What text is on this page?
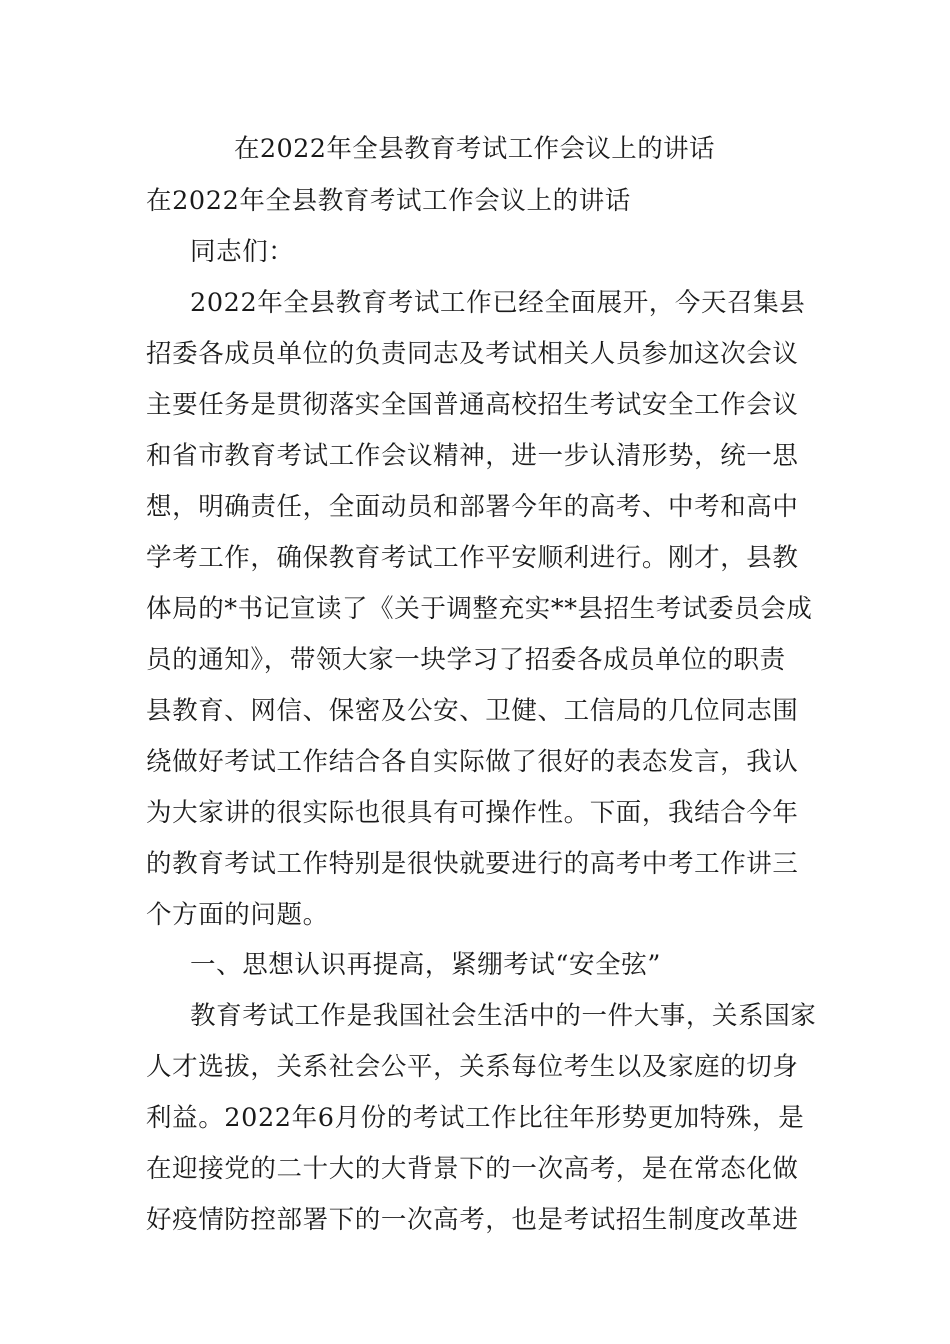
在2022年全县教育考试工作会议上的讲话
在2022年全县教育考试工作会议上的讲话
同志们：
2022年全县教育考试工作已经全面展开，今天召集县
招委各成员单位的负责同志及考试相关人员参加这次会议
主要任务是贯彻落实全国普通高校招生考试安全工作会议
和省市教育考试工作会议精神，进一步认清形势，统一思
想，明确责任，全面动员和部署今年的高考、中考和高中
学考工作，确保教育考试工作平安顺利进行。刚才，县教
体局的*书记宣读了《关于调整充实**县招生考试委员会成
员的通知》，带领大家一块学习了招委各成员单位的职责
县教育、网信、保密及公安、卫健、工信局的几位同志围
绕做好考试工作结合各自实际做了很好的表态发言，我认
为大家讲的很实际也很具有可操作性。下面，我结合今年
的教育考试工作特别是很快就要进行的高考中考工作讲三
个方面的问题。
一、思想认识再提高，紧绷考试“安全弦”
教育考试工作是我国社会生活中的一件大事，关系国家
人才选拔，关系社会公平，关系每位考生以及家庭的切身
利益。2022年6月份的考试工作比往年形势更加特殊，是
在迎接党的二十大的大背景下的一次高考，是在常态化做
好疫情防控部署下的一次高考，也是考试招生制度改革进
